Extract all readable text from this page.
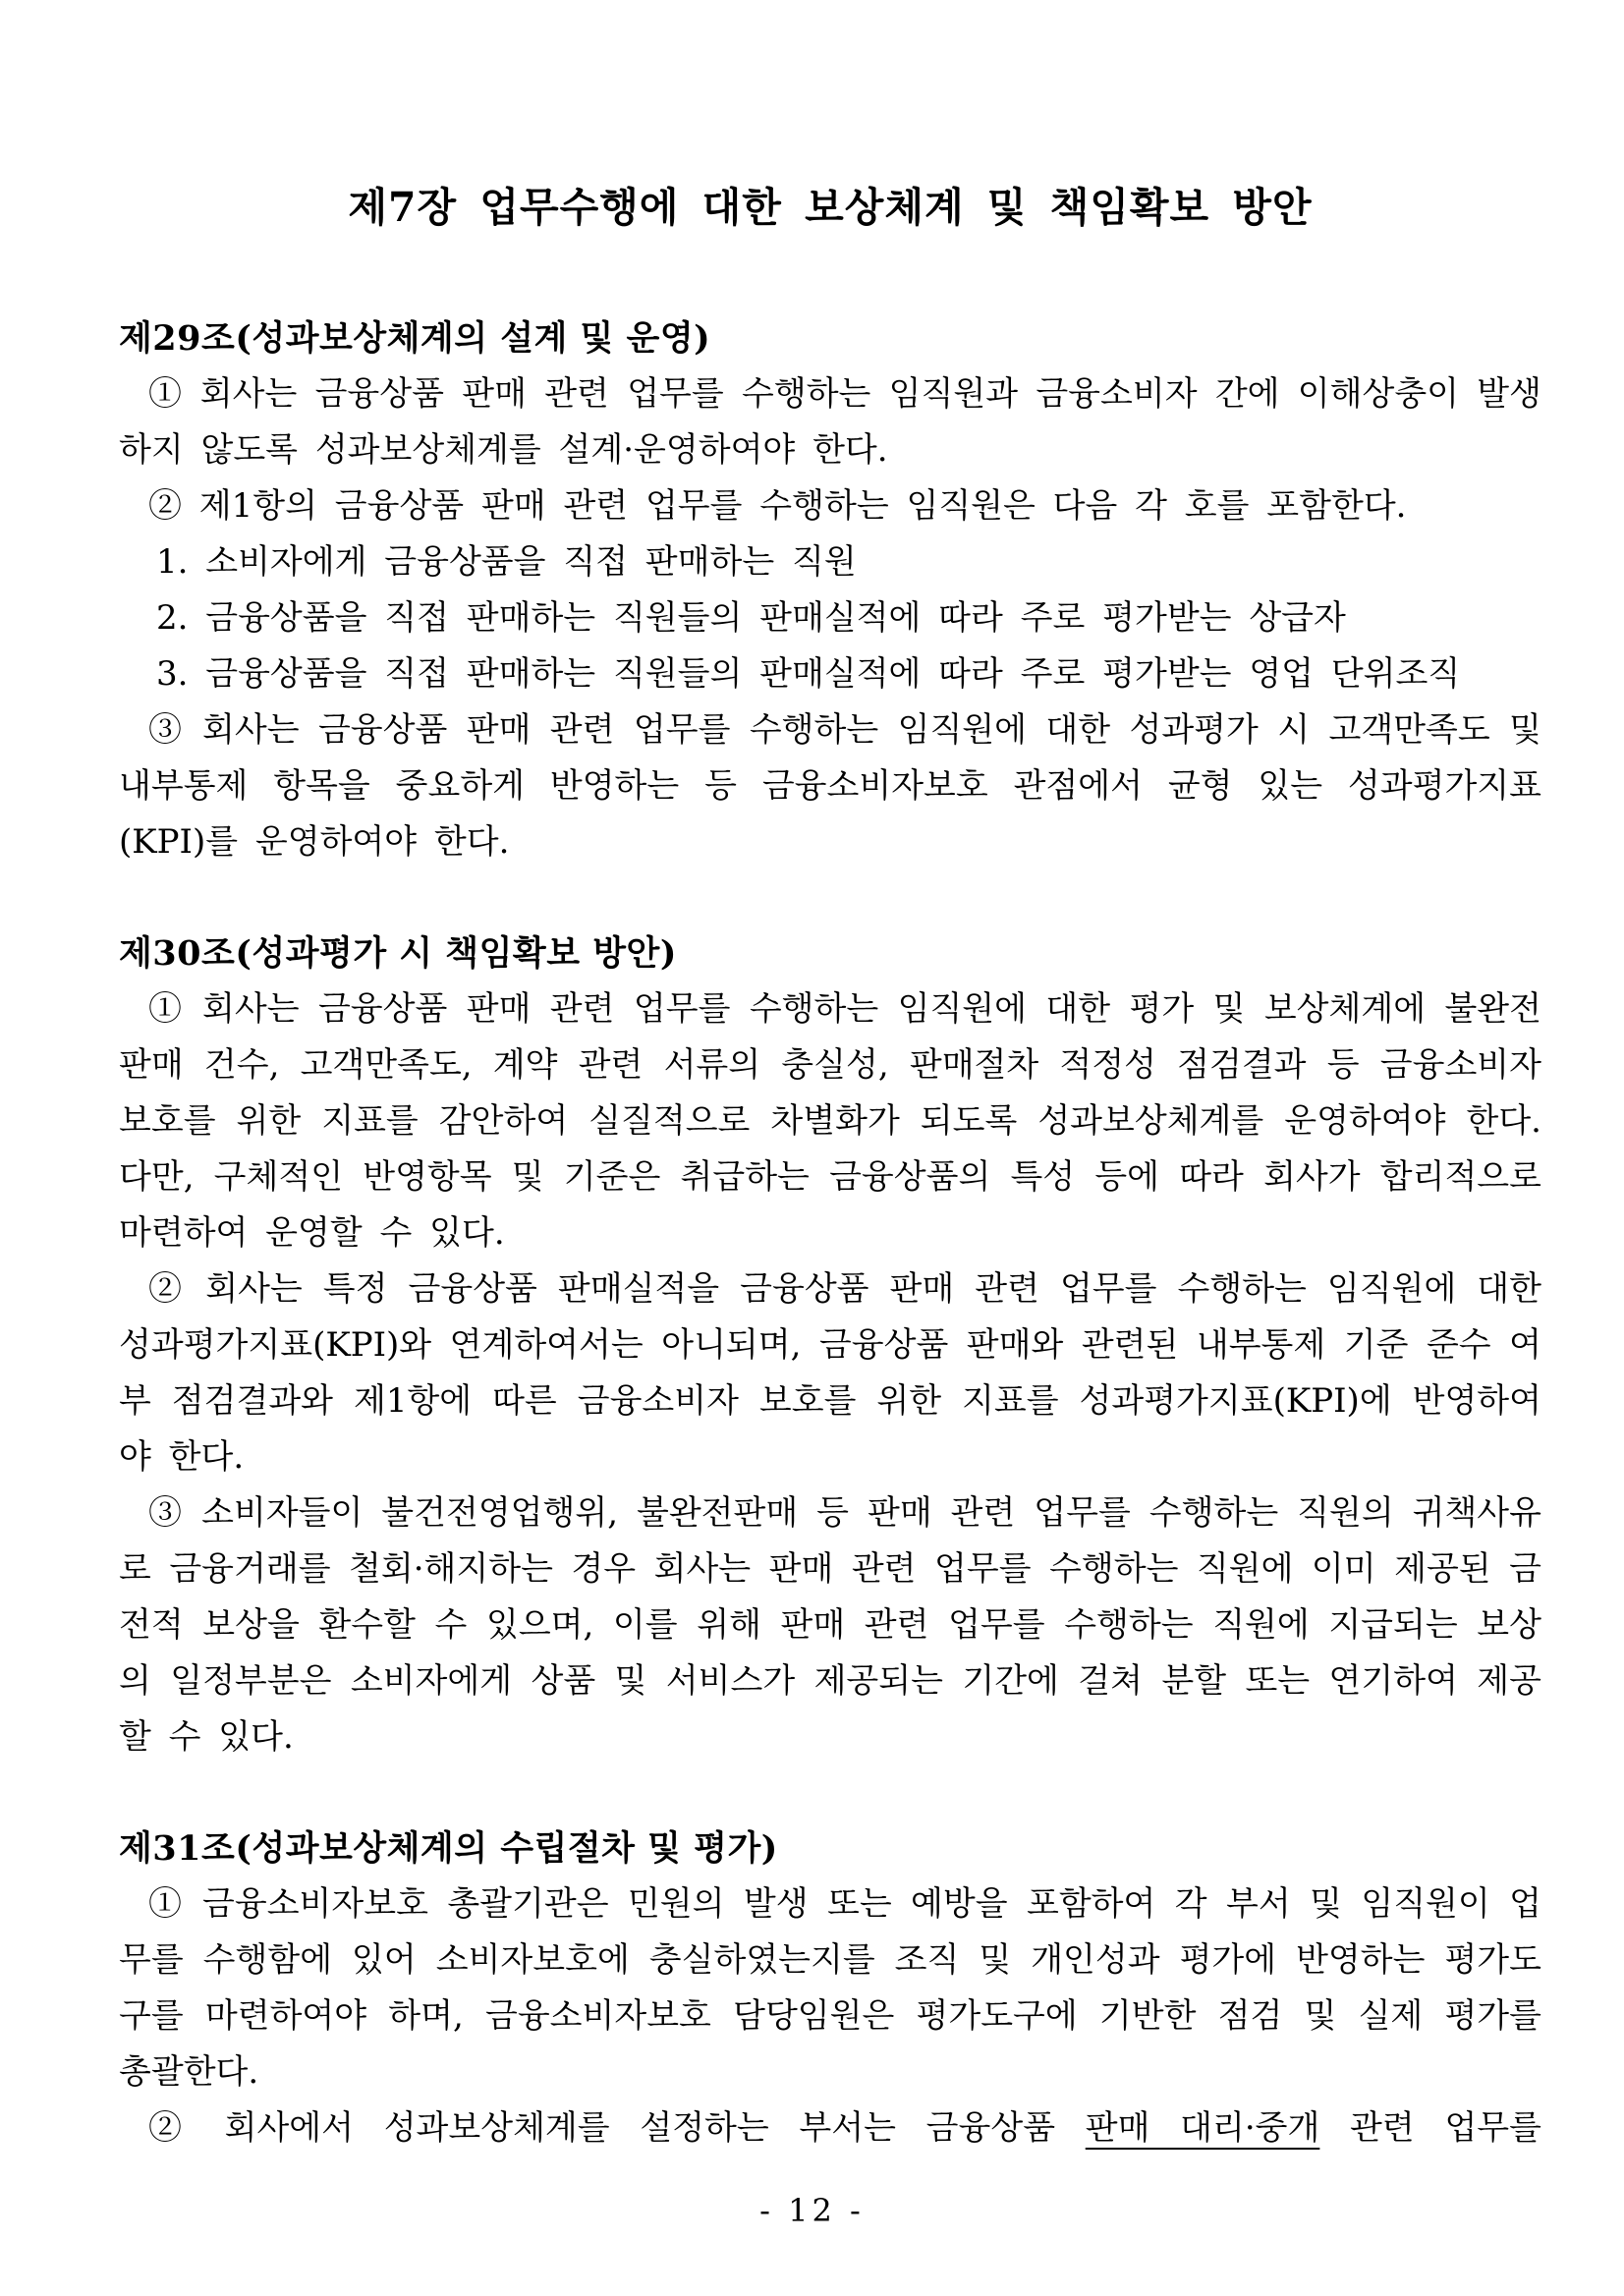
제7장 업무수행에 대한 보상체계 및 책임확보 방안
제29조(성과보상체계의 설계 및 운영)

① 회사는 금융상품 판매 관련 업무를 수행하는 임직원과 금융소비자 간에 이해상충이 발생하지 않도록 성과보상체계를 설계·운영하여야 한다.

② 제1항의 금융상품 판매 관련 업무를 수행하는 임직원은 다음 각 호를 포함한다.

1. 소비자에게 금융상품을 직접 판매하는 직원

2. 금융상품을 직접 판매하는 직원들의 판매실적에 따라 주로 평가받는 상급자

3. 금융상품을 직접 판매하는 직원들의 판매실적에 따라 주로 평가받는 영업 단위조직

③ 회사는 금융상품 판매 관련 업무를 수행하는 임직원에 대한 성과평가 시 고객만족도 및 내부통제 항목을 중요하게 반영하는 등 금융소비자보호 관점에서 균형 있는 성과평가지표(KPI)를 운영하여야 한다.

제30조(성과평가 시 책임확보 방안)

① 회사는 금융상품 판매 관련 업무를 수행하는 임직원에 대한 평가 및 보상체계에 불완전판매 건수, 고객만족도, 계약 관련 서류의 충실성, 판매절차 적정성 점검결과 등 금융소비자 보호를 위한 지표를 감안하여 실질적으로 차별화가 되도록 성과보상체계를 운영하여야 한다. 다만, 구체적인 반영항목 및 기준은 취급하는 금융상품의 특성 등에 따라 회사가 합리적으로 마련하여 운영할 수 있다.

② 회사는 특정 금융상품 판매실적을 금융상품 판매 관련 업무를 수행하는 임직원에 대한 성과평가지표(KPI)와 연계하여서는 아니되며, 금융상품 판매와 관련된 내부통제 기준 준수 여부 점검결과와 제1항에 따른 금융소비자 보호를 위한 지표를 성과평가지표(KPI)에 반영하여야 한다.

③ 소비자들이 불건전영업행위, 불완전판매 등 판매 관련 업무를 수행하는 직원의 귀책사유로 금융거래를 철회·해지하는 경우 회사는 판매 관련 업무를 수행하는 직원에 이미 제공된 금전적 보상을 환수할 수 있으며, 이를 위해 판매 관련 업무를 수행하는 직원에 지급되는 보상의 일정부분은 소비자에게 상품 및 서비스가 제공되는 기간에 걸쳐 분할 또는 연기하여 제공할 수 있다.

제31조(성과보상체계의 수립절차 및 평가)

① 금융소비자보호 총괄기관은 민원의 발생 또는 예방을 포함하여 각 부서 및 임직원이 업무를 수행함에 있어 소비자보호에 충실하였는지를 조직 및 개인성과 평가에 반영하는 평가도구를 마련하여야 하며, 금융소비자보호 담당임원은 평가도구에 기반한 점검 및 실제 평가를 총괄한다.

② 회사에서 성과보상체계를 설정하는 부서는 금융상품 판매 대리·중개 관련 업무를

- 12 -
